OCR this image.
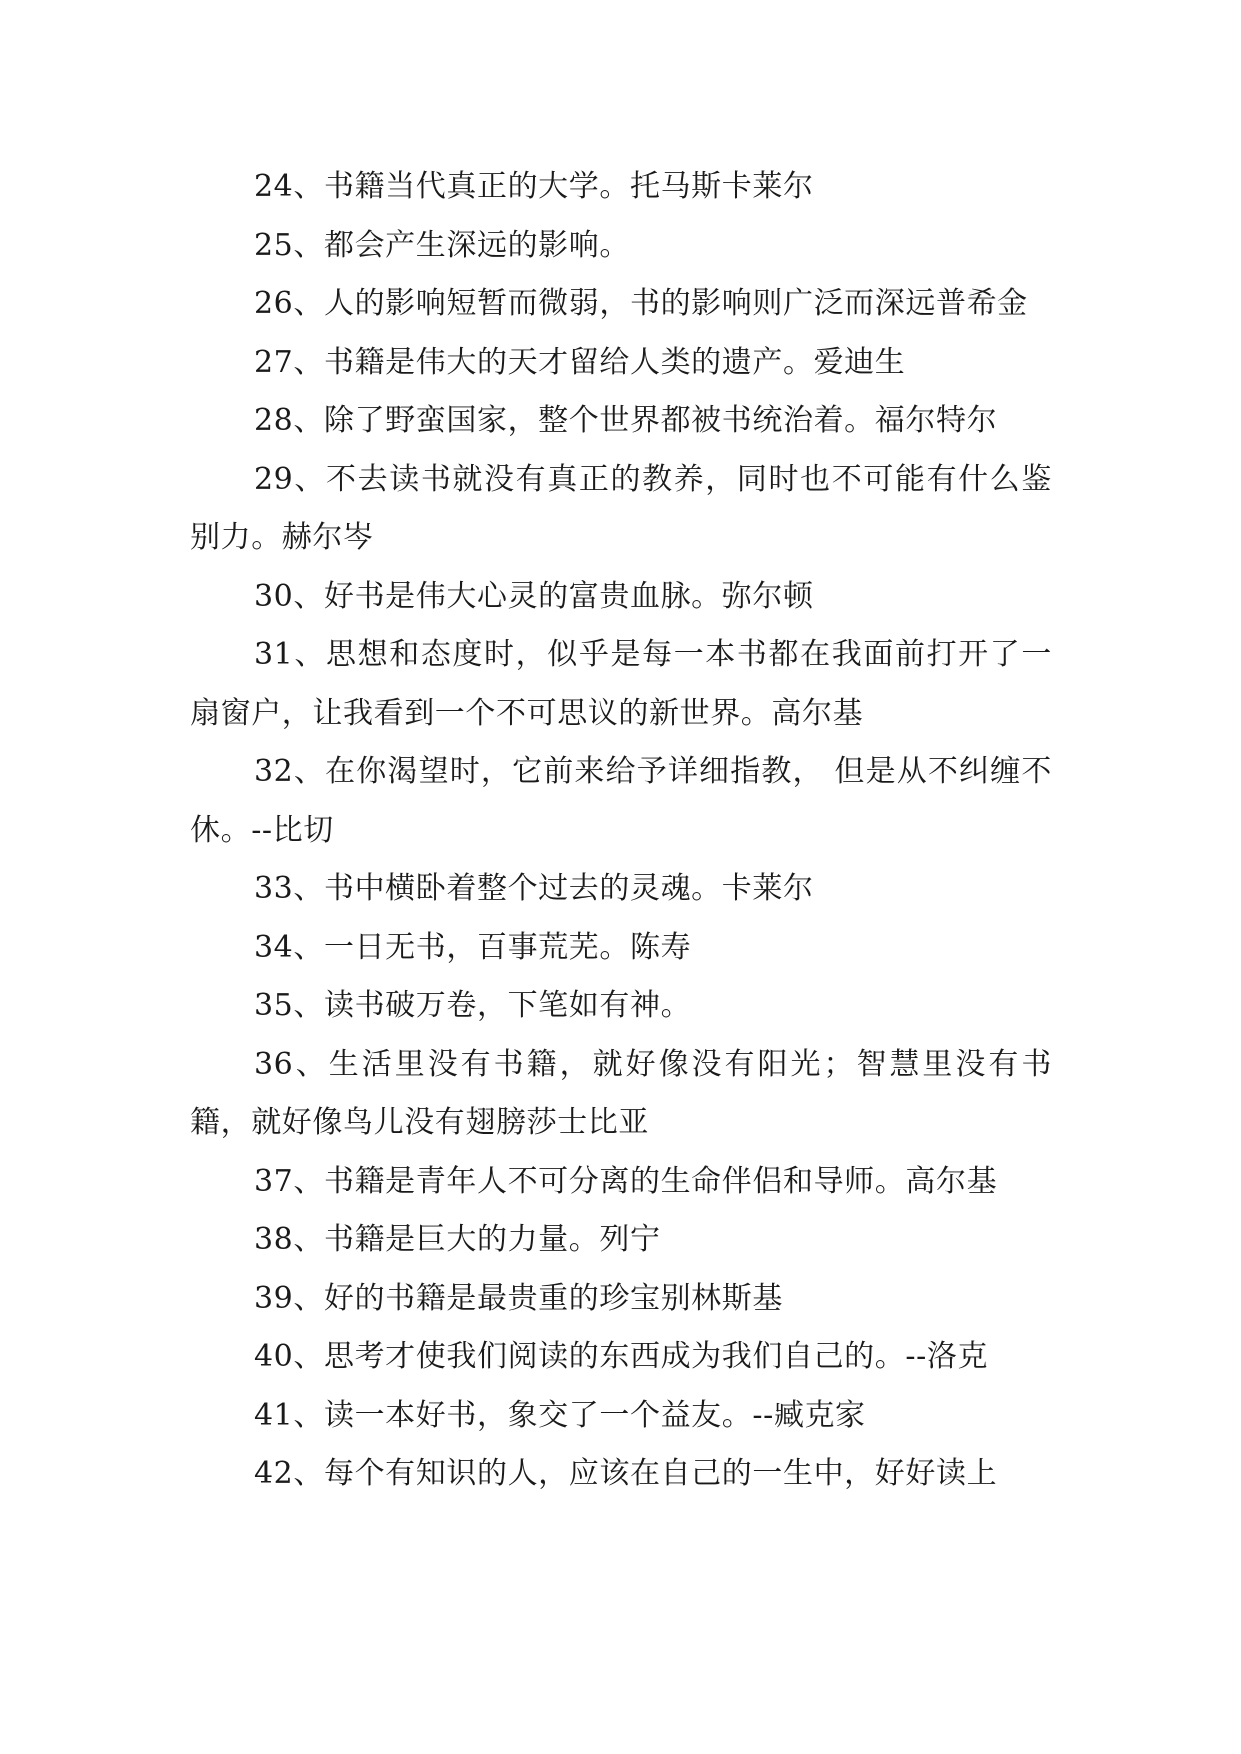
24、书籍当代真正的大学。托马斯卡莱尔

25、都会产生深远的影响。

26、人的影响短暂而微弱，书的影响则广泛而深远普希金

27、书籍是伟大的天才留给人类的遗产。爱迪生

28、除了野蛮国家，整个世界都被书统治着。福尔特尔

29、不去读书就没有真正的教养，同时也不可能有什么鉴别力。赫尔岑

30、好书是伟大心灵的富贵血脉。弥尔顿

31、思想和态度时，似乎是每一本书都在我面前打开了一扇窗户，让我看到一个不可思议的新世界。高尔基

32、在你渴望时，它前来给予详细指教， 但是从不纠缠不休。--比切

33、书中横卧着整个过去的灵魂。卡莱尔

34、一日无书，百事荒芜。陈寿

35、读书破万卷，下笔如有神。

36、生活里没有书籍，就好像没有阳光；智慧里没有书籍，就好像鸟儿没有翅膀莎士比亚

37、书籍是青年人不可分离的生命伴侣和导师。高尔基

38、书籍是巨大的力量。列宁

39、好的书籍是最贵重的珍宝别林斯基

40、思考才使我们阅读的东西成为我们自己的。--洛克

41、读一本好书，象交了一个益友。--臧克家

42、每个有知识的人，应该在自己的一生中，好好读上
